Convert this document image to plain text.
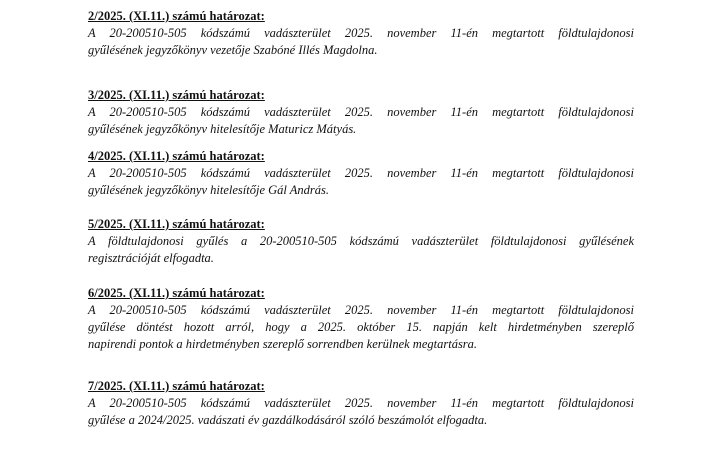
2/2025. (XI.11.) számú határozat:
A 20-200510-505 kódszámú vadászterület 2025. november 11-én megtartott földtulajdonosi
gyűlésének jegyzőkönyv vezetője Szabóné Illés Magdolna.
3/2025. (XI.11.) számú határozat:
A 20-200510-505 kódszámú vadászterület 2025. november 11-én megtartott földtulajdonosi
gyűlésének jegyzőkönyv hitelesítője Maturicz Mátyás.
4/2025. (XI.11.) számú határozat:
A 20-200510-505 kódszámú vadászterület 2025. november 11-én megtartott földtulajdonosi
gyűlésének jegyzőkönyv hitelesítője Gál András.
5/2025. (XI.11.) számú határozat:
A földtulajdonosi gyűlés a 20-200510-505 kódszámú vadászterület földtulajdonosi gyűlésének
regisztrációját elfogadta.
6/2025. (XI.11.) számú határozat:
A 20-200510-505 kódszámú vadászterület 2025. november 11-én megtartott földtulajdonosi
gyűlése döntést hozott arról, hogy a 2025. október 15. napján kelt hirdetményben szereplő
napirendi pontok a hirdetményben szereplő sorrendben kerülnek megtartásra.
7/2025. (XI.11.) számú határozat:
A 20-200510-505 kódszámú vadászterület 2025. november 11-én megtartott földtulajdonosi
gyűlése a 2024/2025. vadászati év gazdálkodásáról szóló beszámolót elfogadta.
